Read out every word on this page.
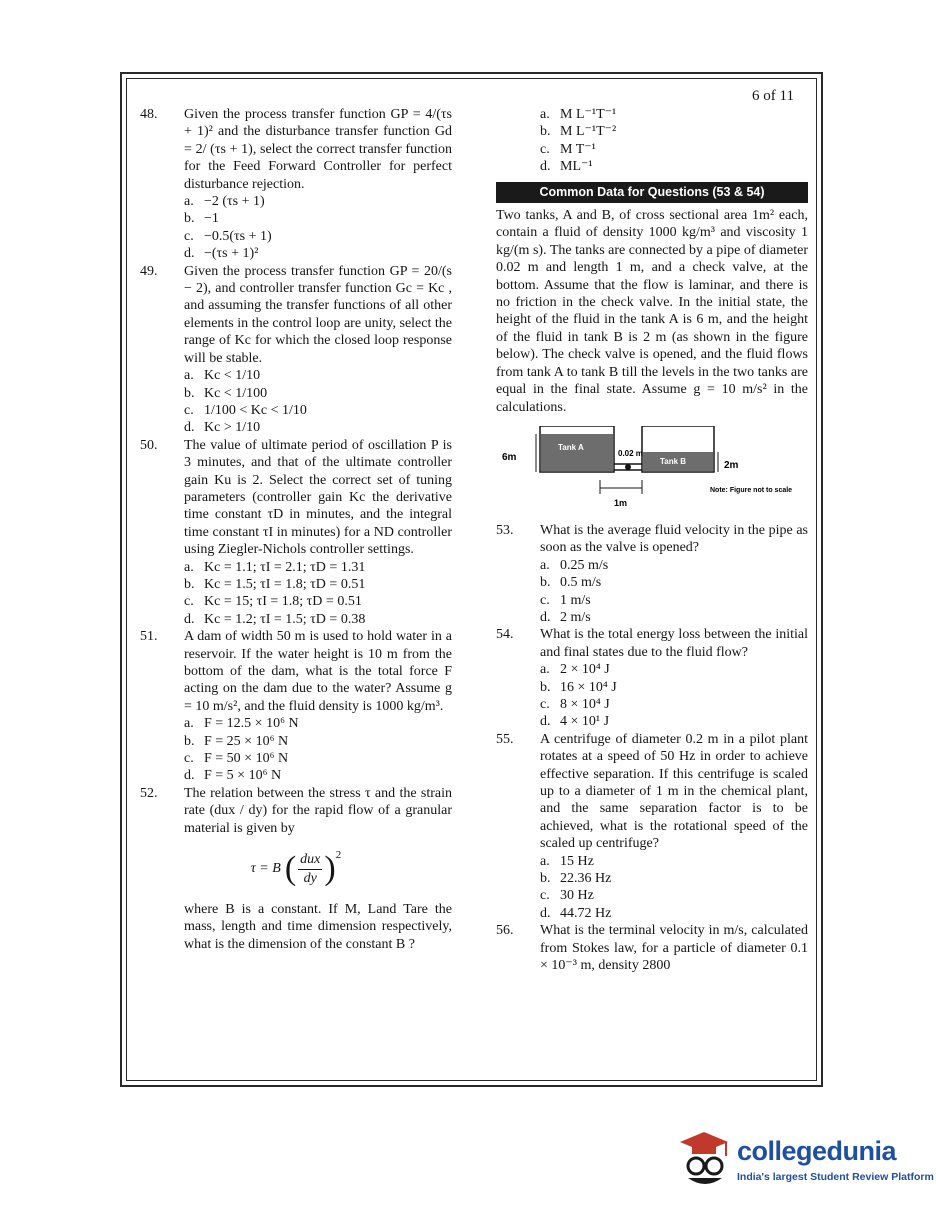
6 of 11
48. Given the process transfer function GP = 4/(τs + 1)² and the disturbance transfer function Gd = 2/ (τs + 1), select the correct transfer function for the Feed Forward Controller for perfect disturbance rejection.
a. −2 (τs + 1)
b. −1
c. −0.5(τs + 1)
d. −(τs + 1)²
49. Given the process transfer function GP = 20/(s − 2), and controller transfer function Gc = Kc , and assuming the transfer functions of all other elements in the control loop are unity, select the range of Kc for which the closed loop response will be stable.
a. Kc < 1/10
b. Kc < 1/100
c. 1/100 < Kc < 1/10
d. Kc > 1/10
50. The value of ultimate period of oscillation P is 3 minutes, and that of the ultimate controller gain Ku is 2. Select the correct set of tuning parameters (controller gain Kc the derivative time constant τD in minutes, and the integral time constant τI in minutes) for a ND controller using Ziegler-Nichols controller settings.
a. Kc = 1.1; τI = 2.1; τD = 1.31
b. Kc = 1.5; τI = 1.8; τD = 0.51
c. Kc = 15; τI = 1.8; τD = 0.51
d. Kc = 1.2; τI = 1.5; τD = 0.38
51. A dam of width 50 m is used to hold water in a reservoir. If the water height is 10 m from the bottom of the dam, what is the total force F acting on the dam due to the water? Assume g = 10 m/s², and the fluid density is 1000 kg/m³.
a. F = 12.5 × 10⁶ N
b. F = 25 × 10⁶ N
c. F = 50 × 10⁶ N
d. F = 5 × 10⁶ N
52. The relation between the stress τ and the strain rate (dux / dy) for the rapid flow of a granular material is given by
τ = B ( $\frac{\text{dux}}{dy} )^2$
where B is a constant. If M, Land Tare the mass, length and time dimension respectively, what is the dimension of the constant B ?
a. M L⁻¹T⁻¹
b. M L⁻¹T⁻²
c. M T⁻¹
d. ML⁻¹
Common Data for Questions (53 & 54)
Two tanks, A and B, of cross sectional area 1m² each, contain a fluid of density 1000 kg/m³ and viscosity 1 kg/(m s). The tanks are connected by a pipe of diameter 0.02 m and length 1 m, and a check valve, at the bottom. Assume that the flow is laminar, and there is no friction in the check valve. In the initial state, the height of the fluid in the tank A is 6 m, and the height of the fluid in tank B is 2 m (as shown in the figure below). The check valve is opened, and the fluid flows from tank A to tank B till the levels in the two tanks are equal in the final state. Assume g = 10 m/s² in the calculations.
6m
2m
0.02 m
Tank A
Tank B
1m
Note: Figure not to scale
53. What is the average fluid velocity in the pipe as soon as the valve is opened?
a. 0.25 m/s
b. 0.5 m/s
c. 1 m/s
d. 2 m/s
54. What is the total energy loss between the initial and final states due to the fluid flow?
a. 2 × 10⁴ J
b. 16 × 10⁴ J
c. 8 × 10⁴ J
d. 4 × 10¹ J
55. A centrifuge of diameter 0.2 m in a pilot plant rotates at a speed of 50 Hz in order to achieve effective separation. If this centrifuge is scaled up to a diameter of 1 m in the chemical plant, and the same separation factor is to be achieved, what is the rotational speed of the scaled up centrifuge?
a. 15 Hz
b. 22.36 Hz
c. 30 Hz
d. 44.72 Hz
56. What is the terminal velocity in m/s, calculated from Stokes law, for a particle of diameter 0.1 × 10⁻³ m, density 2800
collegedunia
India's largest Student Review Platform
